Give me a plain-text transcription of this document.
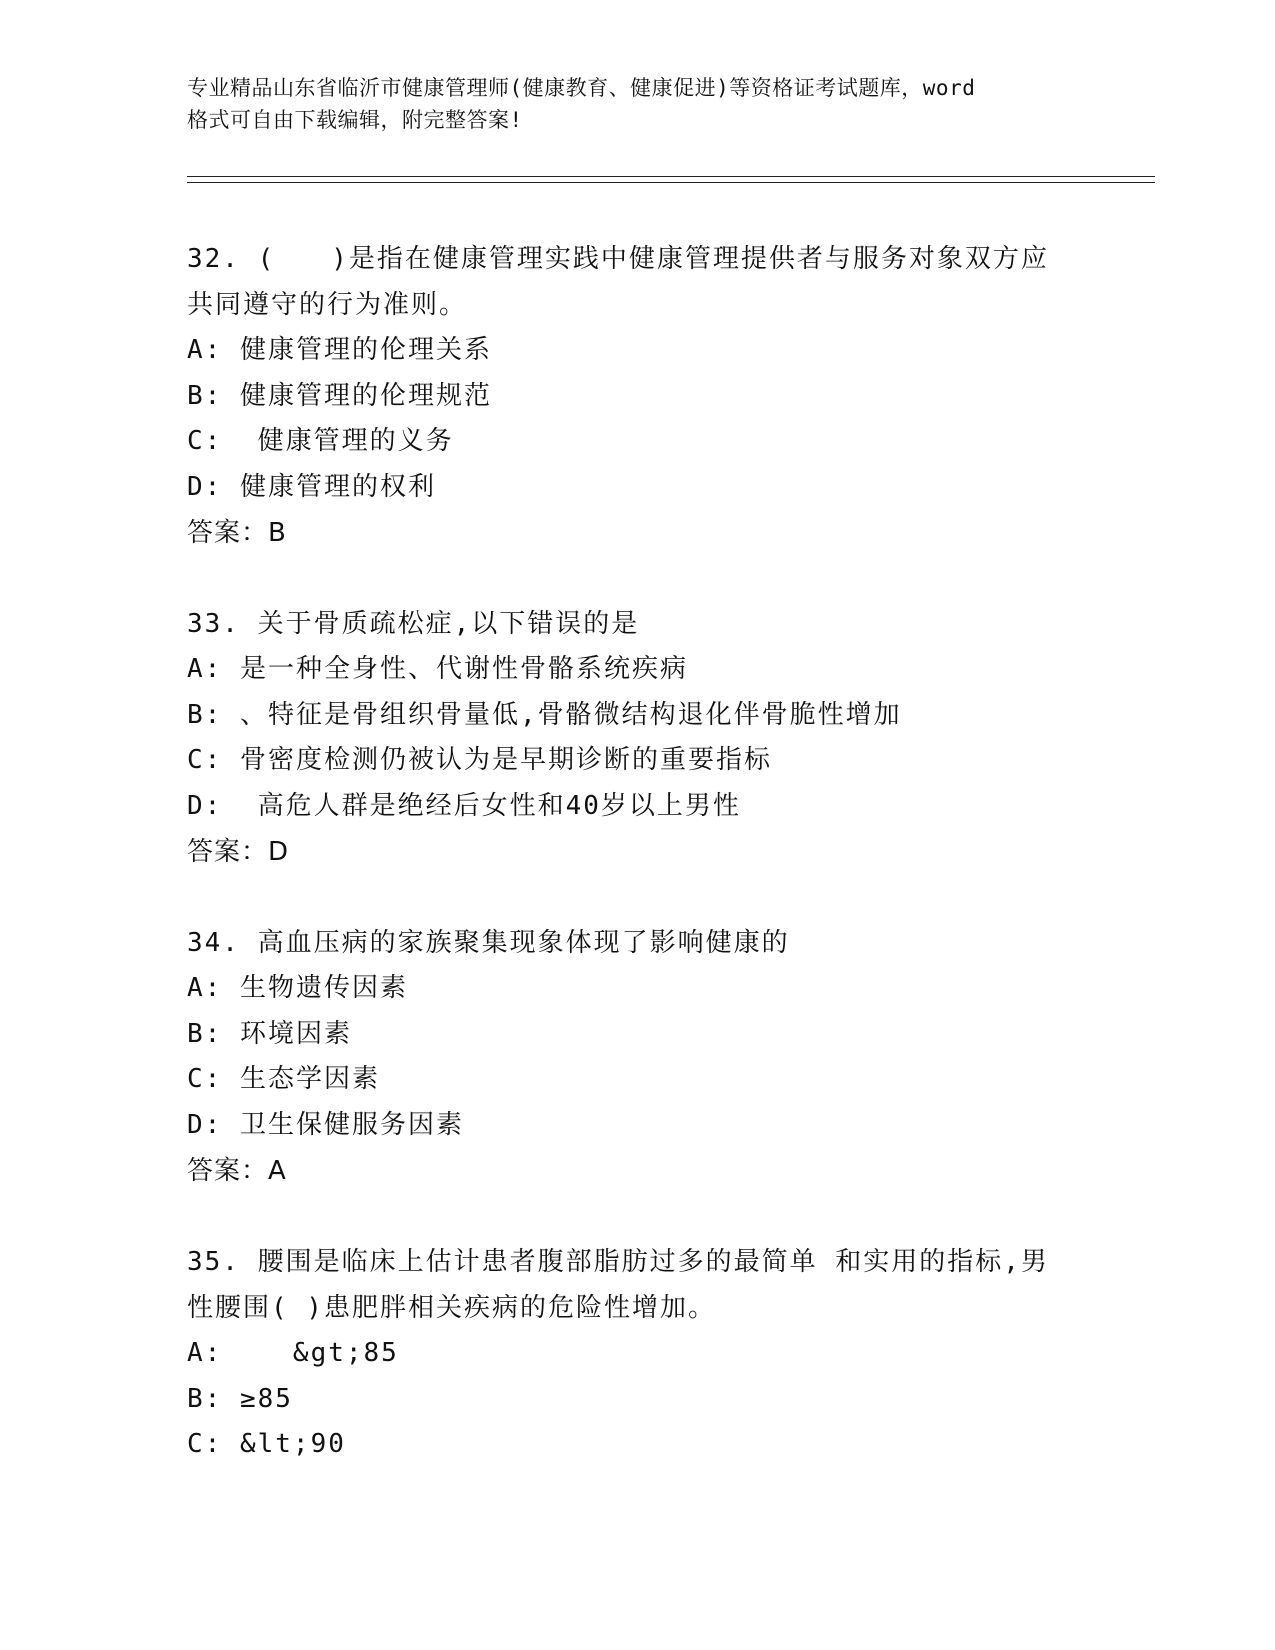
专业精品山东省临沂市健康管理师(健康教育、健康促进)等资格证考试题库，word
格式可自由下载编辑，附完整答案!
32. (　　)是指在健康管理实践中健康管理提供者与服务对象双方应
共同遵守的行为准则。
A: 健康管理的伦理关系
B: 健康管理的伦理规范
C:  健康管理的义务
D: 健康管理的权利
答案：B
33. 关于骨质疏松症,以下错误的是
A: 是一种全身性、代谢性骨骼系统疾病
B: 、特征是骨组织骨量低,骨骼微结构退化伴骨脆性增加
C: 骨密度检测仍被认为是早期诊断的重要指标
D:  高危人群是绝经后女性和40岁以上男性
答案：D
34. 高血压病的家族聚集现象体现了影响健康的
A: 生物遗传因素
B: 环境因素
C: 生态学因素
D: 卫生保健服务因素
答案：A
35. 腰围是临床上估计患者腹部脂肪过多的最简单 和实用的指标,男
性腰围( )患肥胖相关疾病的危险性增加。
A:    &gt;85
B: ≥85
C: &lt;90
